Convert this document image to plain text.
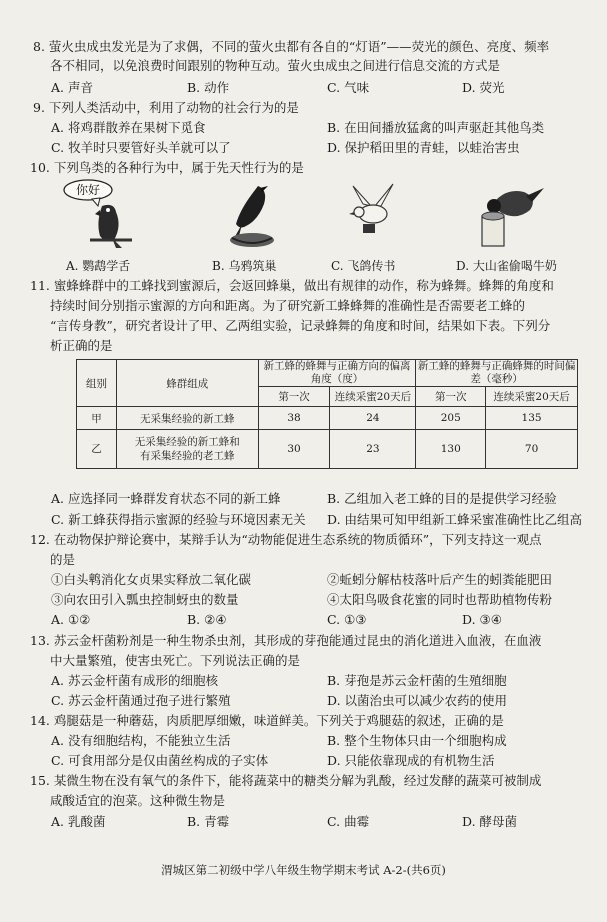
8. 萤火虫成虫发光是为了求偶，不同的萤火虫都有各自的“灯语”——荧光的颜色、亮度、频率
各不相同，以免浪费时间跟别的物种互动。萤火虫成虫之间进行信息交流的方式是
A. 声音	B. 动作	C. 气味	D. 荧光
9. 下列人类活动中，利用了动物的社会行为的是
A. 将鸡群散养在果树下觅食	B. 在田间播放猛禽的叫声驱赶其他鸟类
C. 牧羊时只要管好头羊就可以了	D. 保护稻田里的青蛙，以蛙治害虫
10. 下列鸟类的各种行为中，属于先天性行为的是
你好
A. 鹦鹉学舌	B. 乌鸦筑巢	C. 飞鸽传书	D. 大山雀偷喝牛奶
11. 蜜蜂蜂群中的工蜂找到蜜源后，会返回蜂巢，做出有规律的动作，称为蜂舞。蜂舞的角度和
持续时间分别指示蜜源的方向和距离。为了研究新工蜂蜂舞的准确性是否需要老工蜂的
“言传身教”，研究者设计了甲、乙两组实验，记录蜂舞的角度和时间，结果如下表。下列分
析正确的是
组别	蜂群组成	新工蜂的蜂舞与正确方向的偏离角度（度）		新工蜂的蜂舞与正确蜂舞的时间偏差（毫秒）	
		第一次	连续采蜜20天后	第一次	连续采蜜20天后
甲	无采集经验的新工蜂	38	24	205	135
乙	无采集经验的新工蜂和有采集经验的老工蜂	30	23	130	70
A. 应选择同一蜂群发育状态不同的新工蜂	B. 乙组加入老工蜂的目的是提供学习经验
C. 新工蜂获得指示蜜源的经验与环境因素无关 D. 由结果可知甲组新工蜂采蜜准确性比乙组高
12. 在动物保护辩论赛中，某辩手认为“动物能促进生态系统的物质循环”，下列支持这一观点
的是
①白头鹎消化女贞果实释放二氧化碳	②蚯蚓分解枯枝落叶后产生的蚓粪能肥田
③向农田引入瓢虫控制蚜虫的数量	④太阳鸟吸食花蜜的同时也帮助植物传粉
A. ①②	B. ②④	C. ①③	D. ③④
13. 苏云金杆菌粉剂是一种生物杀虫剂，其形成的芽孢能通过昆虫的消化道进入血液，在血液
中大量繁殖，使害虫死亡。下列说法正确的是
A. 苏云金杆菌有成形的细胞核	B. 芽孢是苏云金杆菌的生殖细胞
C. 苏云金杆菌通过孢子进行繁殖	D. 以菌治虫可以减少农药的使用
14. 鸡腿菇是一种蘑菇，肉质肥厚细嫩，味道鲜美。下列关于鸡腿菇的叙述，正确的是
A. 没有细胞结构，不能独立生活	B. 整个生物体只由一个细胞构成
C. 可食用部分是仅由菌丝构成的子实体	D. 只能依靠现成的有机物生活
15. 某微生物在没有氧气的条件下，能将蔬菜中的糖类分解为乳酸，经过发酵的蔬菜可被制成
咸酸适宜的泡菜。这种微生物是
A. 乳酸菌	B. 青霉	C. 曲霉	D. 酵母菌
渭城区第二初级中学八年级生物学期末考试 A-2-(共6页)
